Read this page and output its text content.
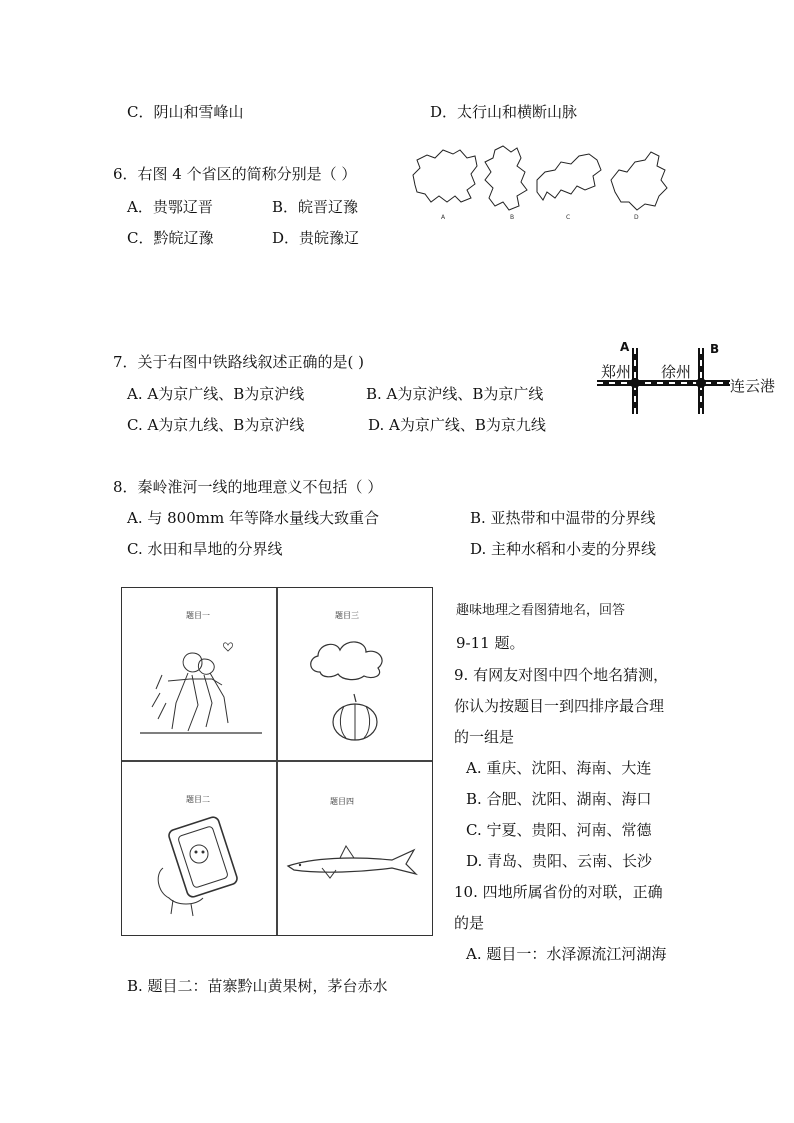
C．阴山和雪峰山	D．太行山和横断山脉
6．右图 4 个省区的简称分别是（ ）
A．贵鄂辽晋	B．皖晋辽豫
C．黔皖辽豫	D．贵皖豫辽
A	B	C	D
7．关于右图中铁路线叙述正确的是( )
A. A为京广线、B为京沪线	B. A为京沪线、B为京广线
C. A为京九线、B为京沪线	D. A为京广线、B为京九线
A	B
郑州 徐州
连云港
8．秦岭淮河一线的地理意义不包括（ ）
A. 与 800mm 年等降水量线大致重合	B. 亚热带和中温带的分界线
C. 水田和旱地的分界线	D. 主种水稻和小麦的分界线
题目一	题目三
题目二	题目四
趣味地理之看图猜地名，回答
9-11 题。
9. 有网友对图中四个地名猜测，
你认为按题目一到四排序最合理
的一组是
A. 重庆、沈阳、海南、大连
B. 合肥、沈阳、湖南、海口
C. 宁夏、贵阳、河南、常德
D. 青岛、贵阳、云南、长沙
10. 四地所属省份的对联，正确
的是
A. 题目一：水泽源流江河湖海
B. 题目二：苗寨黔山黄果树，茅台赤水
